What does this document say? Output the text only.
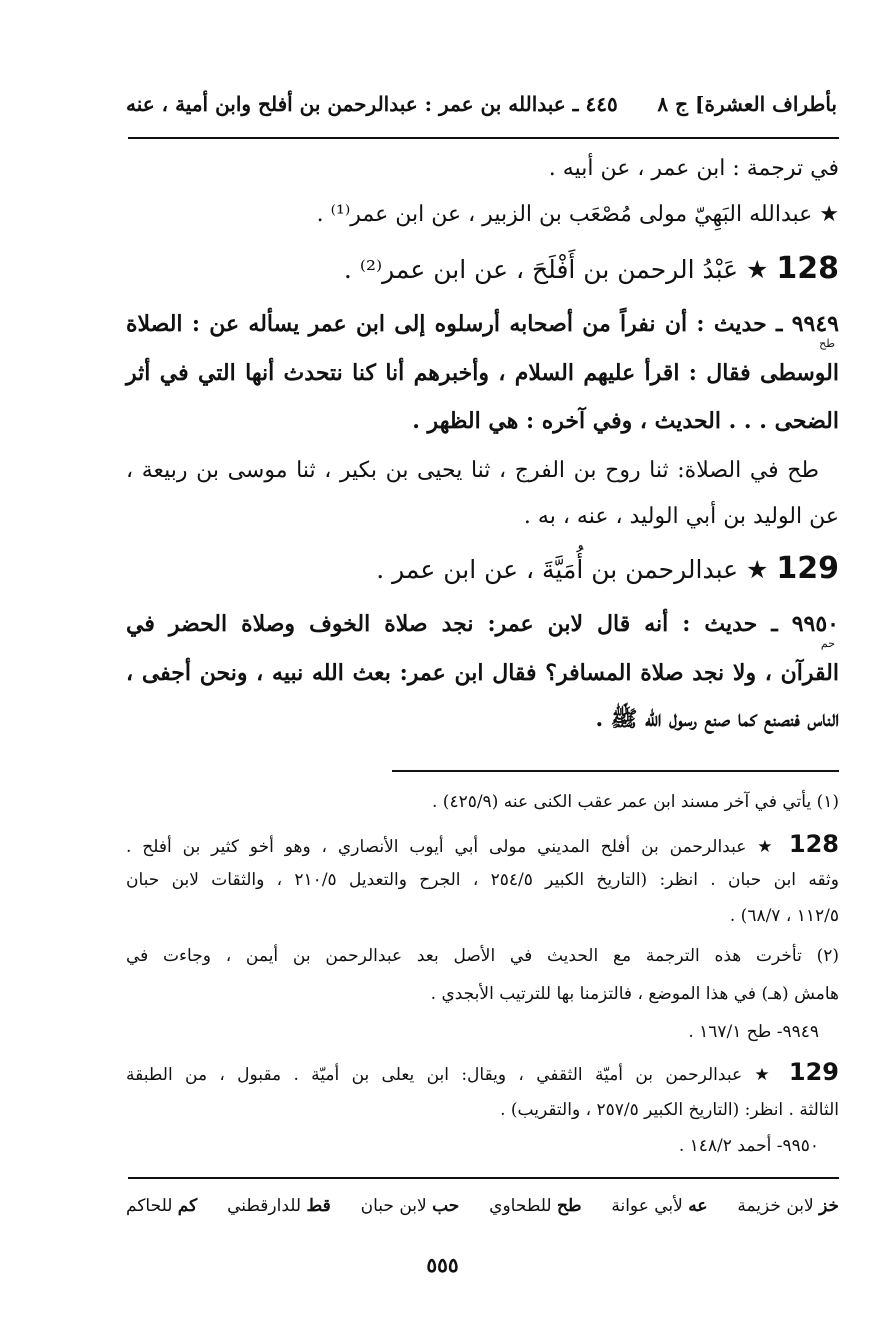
بأطراف العشرة] ج ٨
٤٤٥ ـ عبدالله بن عمر : عبدالرحمن بن أفلح وابن أمية ، عنه
في ترجمة : ابن عمر ، عن أبيه .
★ عبدالله البَهِيّ مولى مُصْعَب بن الزبير ، عن ابن عمر⁽¹⁾ .
128 ★ عَبْدُ الرحمن بن أَفْلَحَ ، عن ابن عمر⁽²⁾ .
٩٩٤٩ ـ حديث : أن نفراً من أصحابه أرسلوه إلى ابن عمر يسأله عن : الصلاة
طح
الوسطى فقال : اقرأ عليهم السلام ، وأخبرهم أنا كنا نتحدث أنها التي في أثر
الضحى . . . الحديث ، وفي آخره : هي الظهر .
طح في الصلاة: ثنا روح بن الفرج ، ثنا يحيى بن بكير ، ثنا موسى بن ربيعة ،
عن الوليد بن أبي الوليد ، عنه ، به .
129 ★ عبدالرحمن بن أُمَيَّةَ ، عن ابن عمر .
٩٩٥٠ ـ حديث : أنه قال لابن عمر: نجد صلاة الخوف وصلاة الحضر في
حم
القرآن ، ولا نجد صلاة المسافر؟ فقال ابن عمر: بعث الله نبيه ، ونحن أجفى ،
الناس فنصنع كما صنع رسول الله ﷺ .
(١) يأتي في آخر مسند ابن عمر عقب الكنى عنه (٤٢٥/٩) .
128 ★ عبدالرحمن بن أفلح المديني مولى أبي أيوب الأنصاري ، وهو أخو كثير بن أفلح .
وثقه ابن حبان . انظر: (التاريخ الكبير ٢٥٤/٥ ، الجرح والتعديل ٢١٠/٥ ، والثقات لابن حبان
١١٢/٥ ، ٦٨/٧) .
(٢) تأخرت هذه الترجمة مع الحديث في الأصل بعد عبدالرحمن بن أيمن ، وجاءت في
هامش (هـ) في هذا الموضع ، فالتزمنا بها للترتيب الأبجدي .
٩٩٤٩- طح ١٦٧/١ .
129 ★ عبدالرحمن بن أميّة الثقفي ، ويقال: ابن يعلى بن أميّة . مقبول ، من الطبقة
الثالثة . انظر: (التاريخ الكبير ٢٥٧/٥ ، والتقريب) .
٩٩٥٠- أحمد ١٤٨/٢ .
خز لابن خزيمة
عه لأبي عوانة
طح للطحاوي
حب لابن حبان
قط للدارقطني
كم للحاكم
٥٥٥
